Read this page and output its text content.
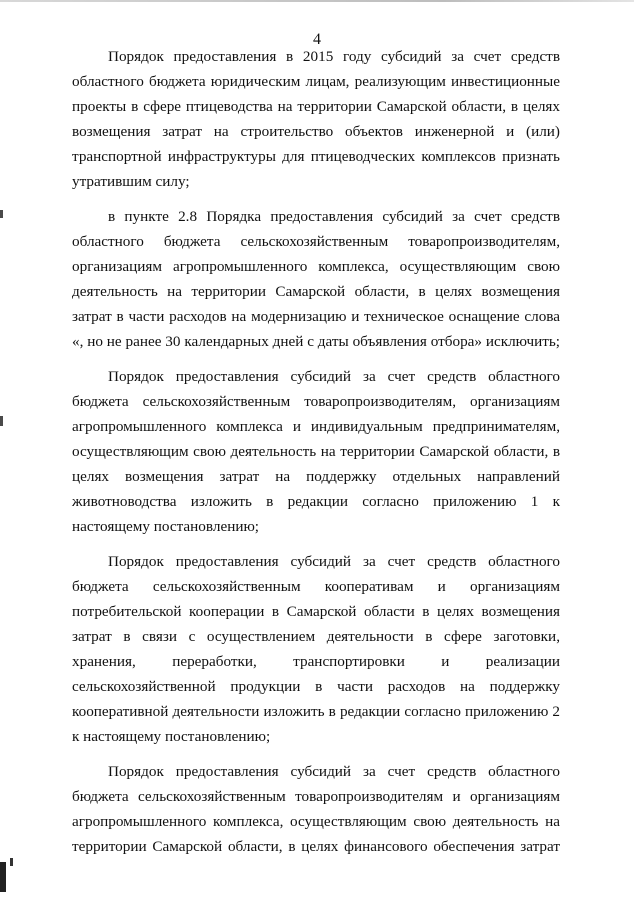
4
Порядок предоставления в 2015 году субсидий за счет средств
областного бюджета юридическим лицам, реализующим инвестиционные
проекты в сфере птицеводства на территории Самарской области, в целях
возмещения затрат на строительство объектов инженерной и (или)
транспортной инфраструктуры для птицеводческих комплексов признать
утратившим силу;
в пункте 2.8 Порядка предоставления субсидий за счет средств
областного бюджета сельскохозяйственным товаропроизводителям,
организациям агропромышленного комплекса, осуществляющим свою
деятельность на территории Самарской области, в целях возмещения
затрат в части расходов на модернизацию и техническое оснащение слова
«, но не ранее 30 календарных дней с даты объявления отбора» исключить;
Порядок предоставления субсидий за счет средств областного
бюджета сельскохозяйственным товаропроизводителям, организациям
агропромышленного комплекса и индивидуальным предпринимателям,
осуществляющим свою деятельность на территории Самарской области, в
целях возмещения затрат на поддержку отдельных направлений
животноводства изложить в редакции согласно приложению 1 к
настоящему постановлению;
Порядок предоставления субсидий за счет средств областного
бюджета сельскохозяйственным кооперативам и организациям
потребительской кооперации в Самарской области в целях возмещения
затрат в связи с осуществлением деятельности в сфере заготовки,
хранения, переработки, транспортировки и реализации
сельскохозяйственной продукции в части расходов на поддержку
кооперативной деятельности изложить в редакции согласно приложению 2
к настоящему постановлению;
Порядок предоставления субсидий за счет средств областного
бюджета сельскохозяйственным товаропроизводителям и организациям
агропромышленного комплекса, осуществляющим свою деятельность на
территории Самарской области, в целях финансового обеспечения затрат
